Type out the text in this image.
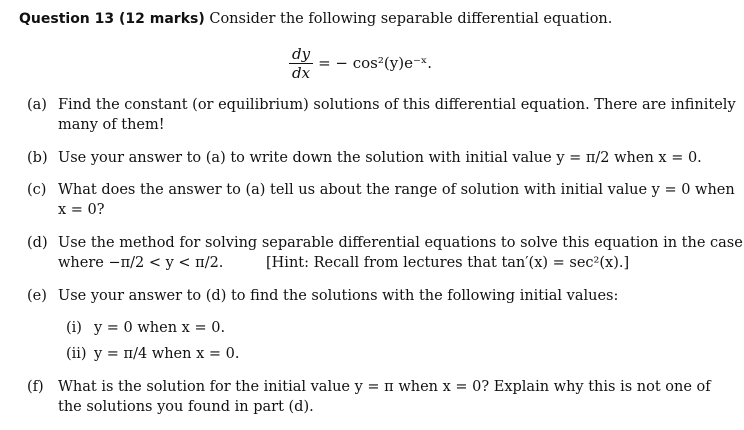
Question 13 (12 marks) Consider the following separable differential equation.
$\frac{dy}{dx}$ = − cos²(y)e⁻ˣ.
(a) Find the constant (or equilibrium) solutions of this differential equation. There are infinitely
many of them!
(b) Use your answer to (a) to write down the solution with initial value y = π/2 when x = 0.
(c) What does the answer to (a) tell us about the range of solution with initial value y = 0 when
x = 0?
(d) Use the method for solving separable differential equations to solve this equation in the case
where −π/2 < y < π/2.	[Hint: Recall from lectures that tan′(x) = sec²(x).]
(e) Use your answer to (d) to find the solutions with the following initial values:
(i) y = 0 when x = 0.
(ii) y = π/4 when x = 0.
(f) What is the solution for the initial value y = π when x = 0? Explain why this is not one of
the solutions you found in part (d).
